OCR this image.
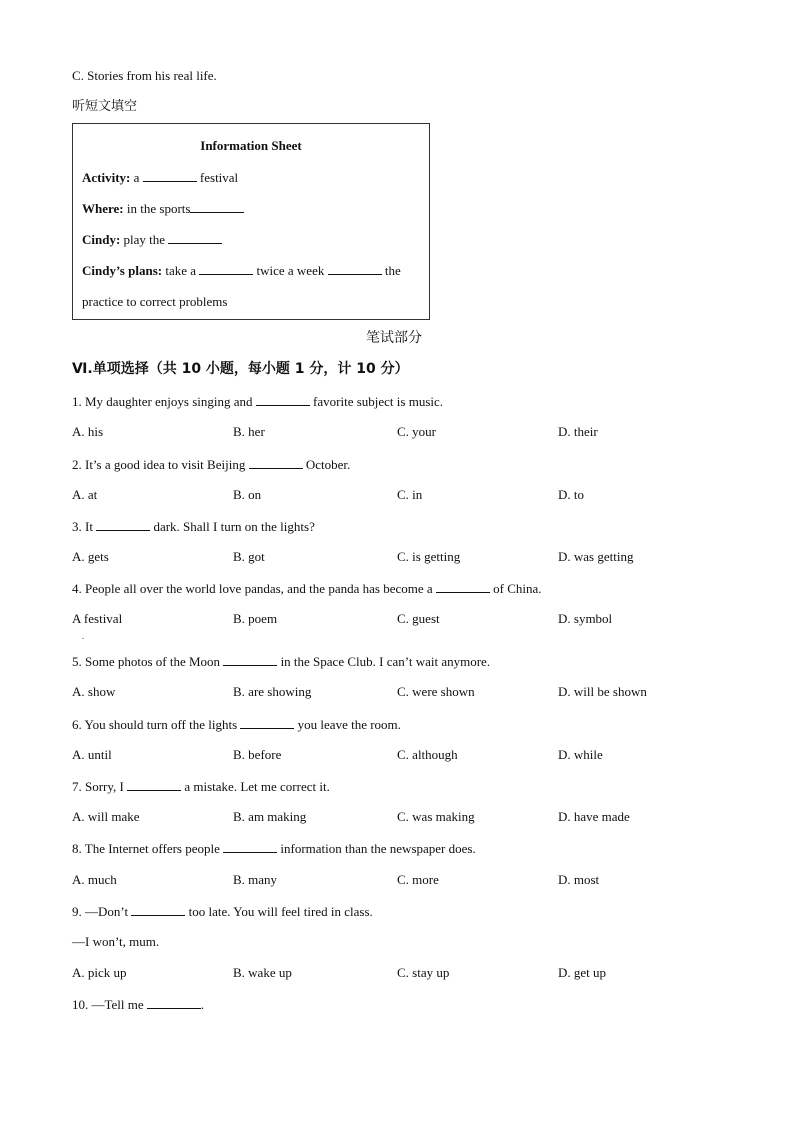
C. Stories from his real life.
听短文填空
Information Sheet
Activity: a	festival
Where: in the sports
Cindy: play the
Cindy’s plans: take a	twice a week	the
practice to correct problems
笔试部分
Ⅵ.单项选择（共 10 小题，每小题 1 分，计 10 分）
1. My daughter enjoys singing and	favorite subject is music.
A. his	B. her	C. your	D. their
2. It’s a good idea to visit Beijing	October.
A. at	B. on	C. in	D. to
3. It	dark. Shall I turn on the lights?
A. gets	B. got	C. is getting	D. was getting
4. People all over the world love pandas, and the panda has become a	of China.
A festival	B. poem	C. guest	D. symbol
5. Some photos of the Moon	in the Space Club. I can’t wait anymore.
A. show	B. are showing	C. were shown	D. will be shown
6. You should turn off the lights	you leave the room.
A. until	B. before	C. although	D. while
7. Sorry, I	a mistake. Let me correct it.
A. will make	B. am making	C. was making	D. have made
8. The Internet offers people	information than the newspaper does.
A. much	B. many	C. more	D. most
9. —Don’t	too late. You will feel tired in class.
A. pick up	B. wake up	C. stay up	D. get up
10. —Tell me	.
—I won’t, mum.
.
